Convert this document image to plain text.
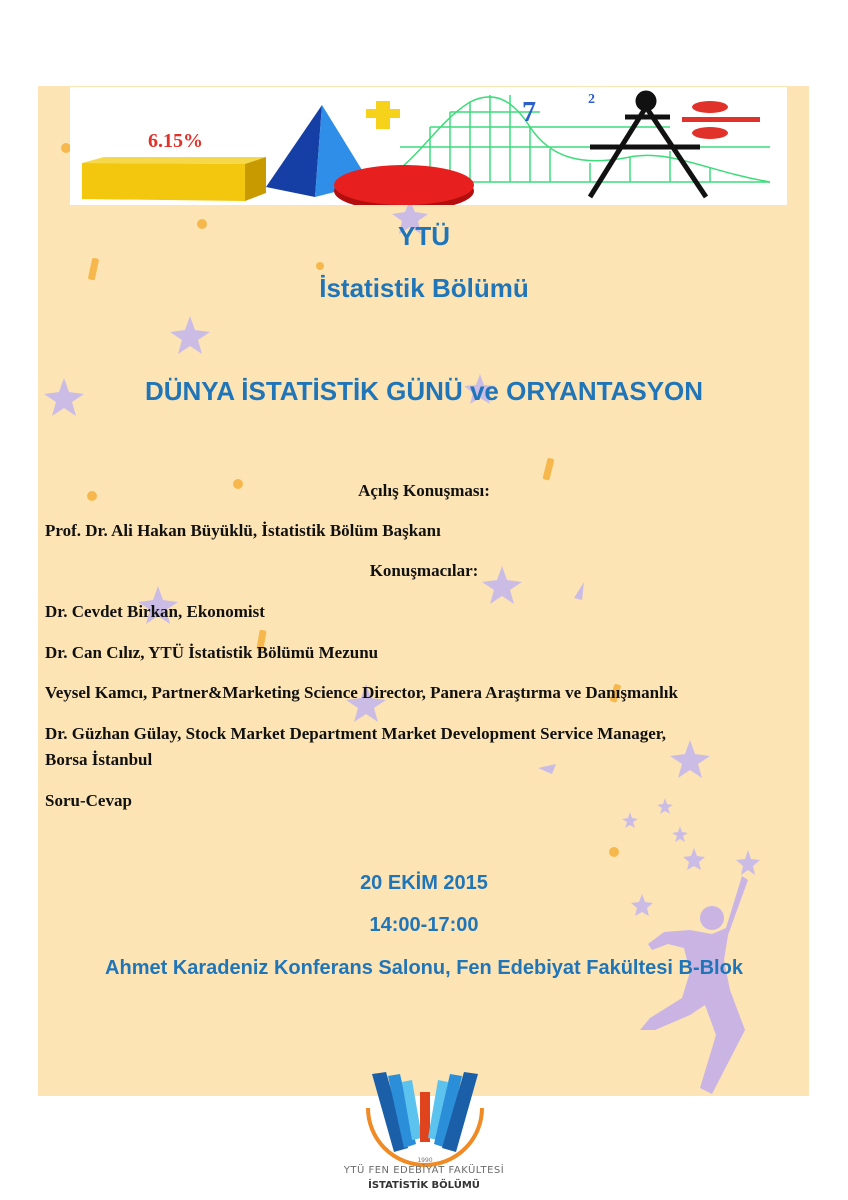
6.15%
7	2
YTÜ
İstatistik Bölümü
DÜNYA İSTATİSTİK GÜNÜ ve ORYANTASYON
Açılış Konuşması:
Prof. Dr. Ali Hakan Büyüklü, İstatistik Bölüm Başkanı
Konuşmacılar:
Dr. Cevdet Birkan, Ekonomist
Dr. Can Cılız, YTÜ İstatistik Bölümü Mezunu
Veysel Kamcı, Partner&Marketing Science Director, Panera Araştırma ve Danışmanlık
Dr. Güzhan Gülay, Stock Market Department Market Development Service Manager,
Borsa İstanbul
Soru-Cevap
20 EKİM 2015
14:00-17:00
Ahmet Karadeniz Konferans Salonu, Fen Edebiyat Fakültesi B-Blok
1990
YTÜ FEN EDEBİYAT FAKÜLTESİ
İSTATİSTİK BÖLÜMÜ
